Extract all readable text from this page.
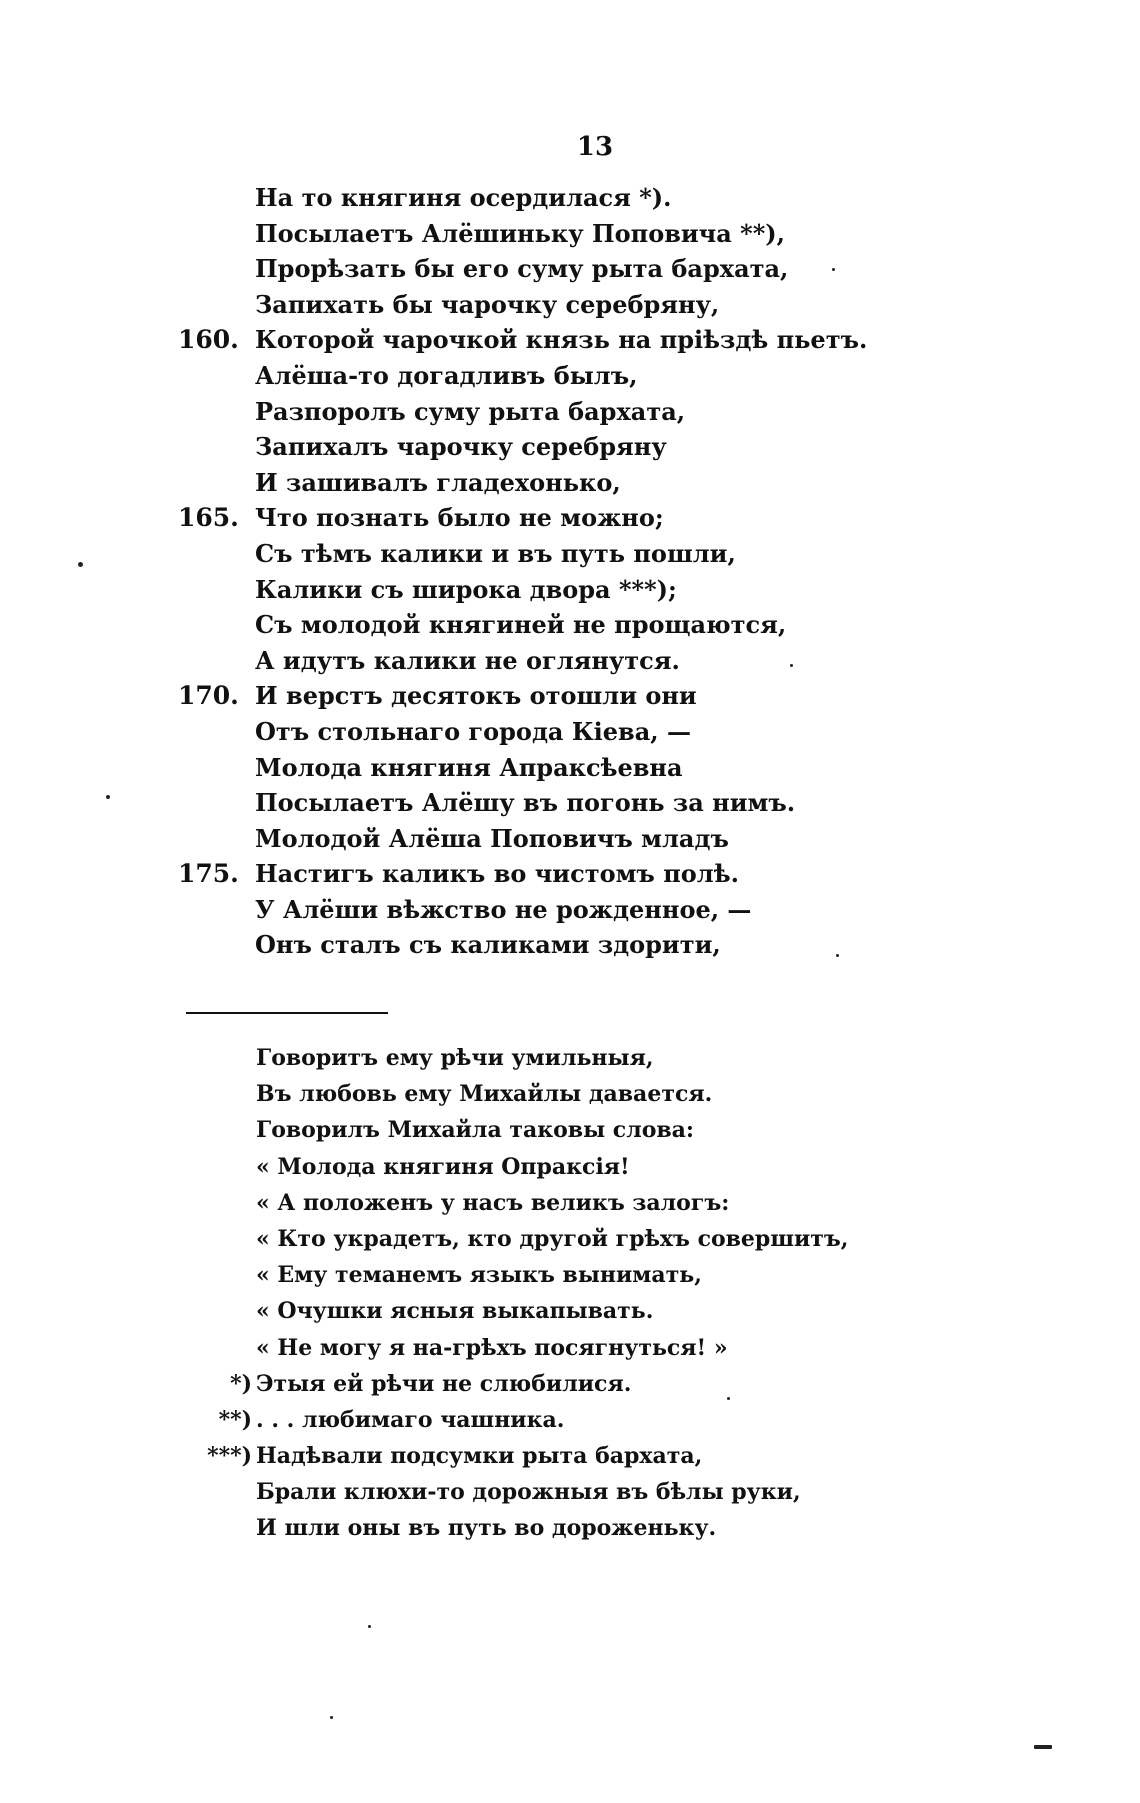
13
На то княгиня осердилася *).
Посылаетъ Алёшиньку Поповича **),
Прорѣзать бы его суму рыта бархата,
Запихать бы чарочку серебряну,
160. Которой чарочкой князь на прiѣздѣ пьетъ.
Алёша-то догадливъ былъ,
Разпоролъ суму рыта бархата,
Запихалъ чарочку серебряну
И зашивалъ гладехонько,
165. Что познать было не можно;
Съ тѣмъ калики и въ путь пошли,
Калики съ широка двора ***);
Съ молодой княгиней не прощаются,
А идутъ калики не оглянутся.
170. И верстъ десятокъ отошли они
Отъ стольнаго города Кiева, —
Молода княгиня Апраксѣевна
Посылаетъ Алёшу въ погонь за нимъ.
Молодой Алёша Поповичъ младъ
175. Настигъ каликъ во чистомъ полѣ.
У Алёши вѣжство не рожденное, —
Онъ сталъ съ каликами здорити,
Говоритъ ему рѣчи умильныя,
Въ любовь ему Михайлы давается.
Говорилъ Михайла таковы слова:
« Молода княгиня Опраксiя!
« А положенъ у насъ великъ залогъ:
« Кто украдетъ, кто другой грѣхъ совершитъ,
« Ему теманемъ языкъ вынимать,
« Очушки ясныя выкапывать.
« Не могу я на-грѣхъ посягнуться! »
*) Этыя ей рѣчи не слюбилися.
**) . . . любимаго чашника.
***) Надѣвали подсумки рыта бархата,
Брали клюхи-то дорожныя въ бѣлы руки,
И шли оны въ путь во дороженьку.
